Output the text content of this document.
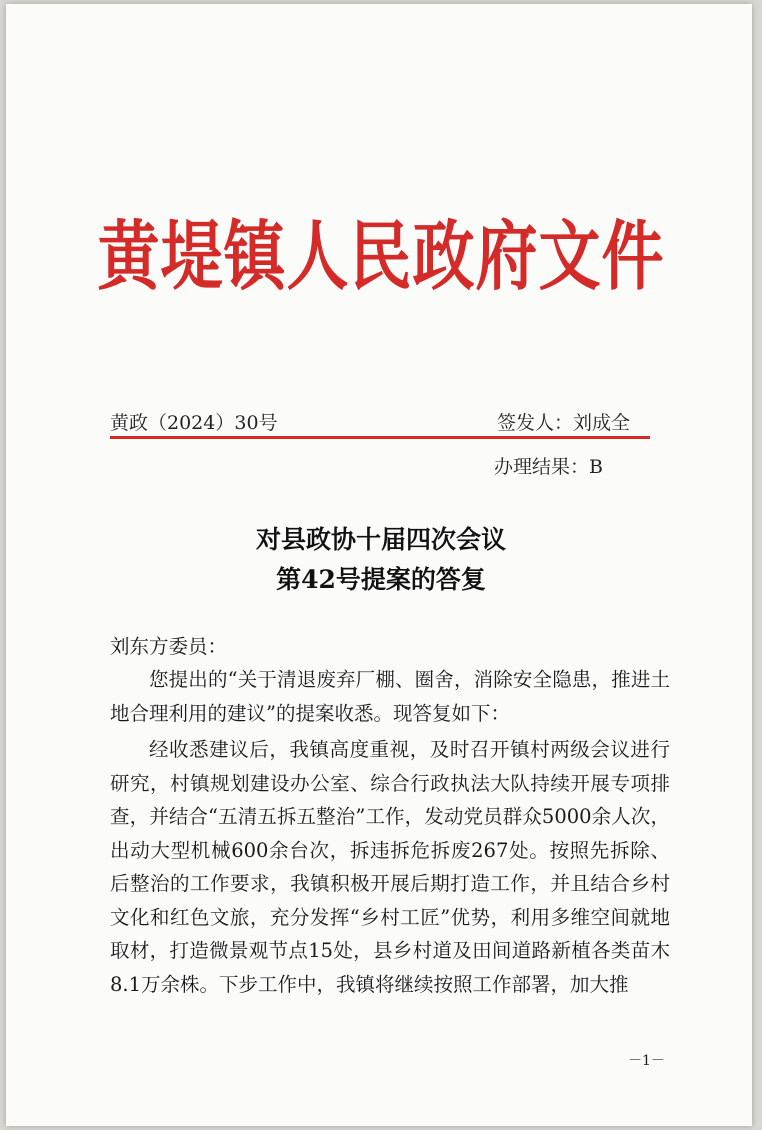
黄堤镇人民政府文件
黄政（2024）30号	签发人：刘成全
办理结果：B
对县政协十届四次会议
第42号提案的答复
刘东方委员：
您提出的“关于清退废弃厂棚、圈舍，消除安全隐患，推进土地合理利用的建议”的提案收悉。现答复如下：
经收悉建议后，我镇高度重视，及时召开镇村两级会议进行研究，村镇规划建设办公室、综合行政执法大队持续开展专项排查，并结合“五清五拆五整治”工作，发动党员群众5000余人次，出动大型机械600余台次，拆违拆危拆废267处。按照先拆除、后整治的工作要求，我镇积极开展后期打造工作，并且结合乡村文化和红色文旅，充分发挥“乡村工匠”优势，利用多维空间就地取材，打造微景观节点15处，县乡村道及田间道路新植各类苗木8.1万余株。下步工作中，我镇将继续按照工作部署，加大推
－1－
